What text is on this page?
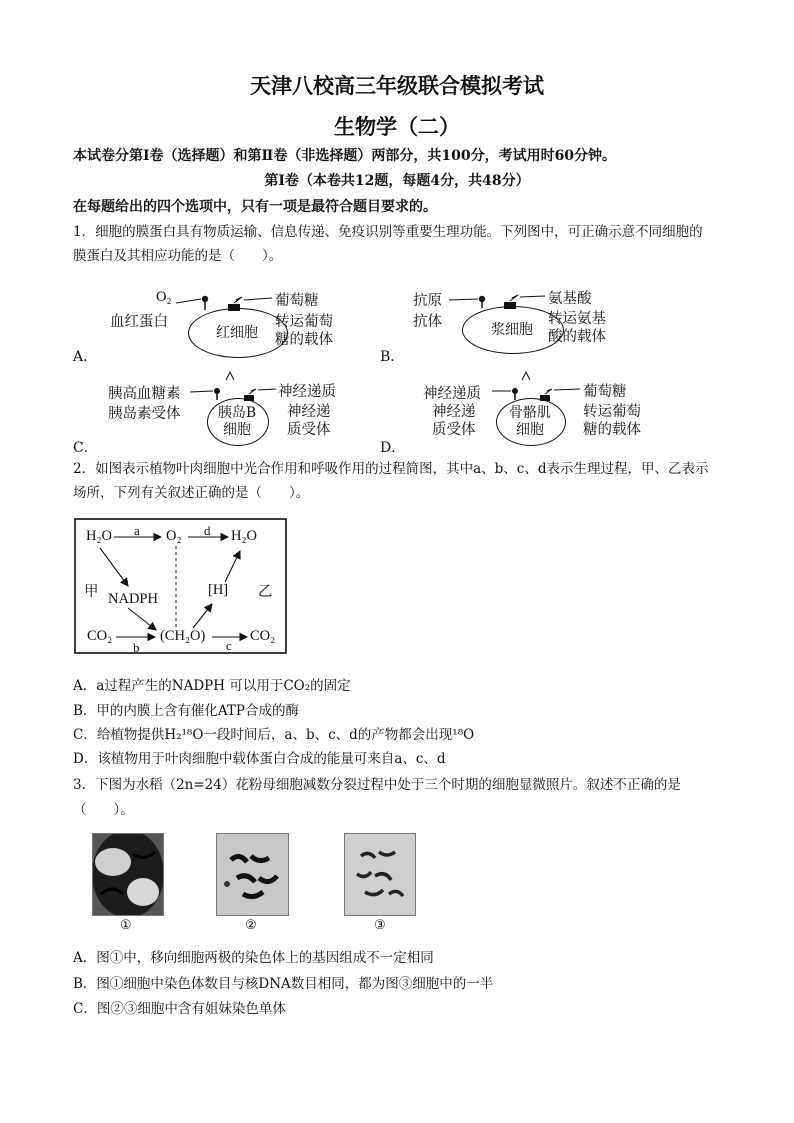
天津八校高三年级联合模拟考试
生物学（二）
本试卷分第Ⅰ卷（选择题）和第Ⅱ卷（非选择题）两部分，共100分，考试用时60分钟。
第Ⅰ卷（本卷共12题，每题4分，共48分）
在每题给出的四个选项中，只有一项是最符合题目要求的。
1．细胞的膜蛋白具有物质运输、信息传递、免疫识别等重要生理功能。下列图中，可正确示意不同细胞的
膜蛋白及其相应功能的是（　　）。
A．
红细胞
O₂
血红蛋白
葡萄糖
转运葡萄
糖的载体
B．
浆细胞
抗原
抗体
氨基酸
转运氨基
酸的载体
C．
胰岛B
细胞
胰高血糖素
胰岛素受体
神经递质
神经递
质受体
D．
骨骼肌
细胞
神经递质
神经递
质受体
葡萄糖
转运葡萄
糖的载体
2．如图表示植物叶肉细胞中光合作用和呼吸作用的过程简图，其中a、b、c、d表示生理过程，甲、乙表示
场所，下列有关叙述正确的是（　　）。
H₂O a O₂ d H₂O
甲 NADPH
[H] 乙
CO₂	(CH₂O)	CO₂
b	c
A．a过程产生的NADPH 可以用于CO₂的固定
B．甲的内膜上含有催化ATP合成的酶
C．给植物提供H₂¹⁸O一段时间后，a、b、c、d的产物都会出现¹⁸O
D．该植物用于叶肉细胞中载体蛋白合成的能量可来自a、c、d
3．下图为水稻（2n=24）花粉母细胞减数分裂过程中处于三个时期的细胞显微照片。叙述不正确的是
（　　）。
①	②	③
A．图①中，移向细胞两极的染色体上的基因组成不一定相同
B．图①细胞中染色体数目与核DNA数目相同，都为图③细胞中的一半
C．图②③细胞中含有姐妹染色单体
